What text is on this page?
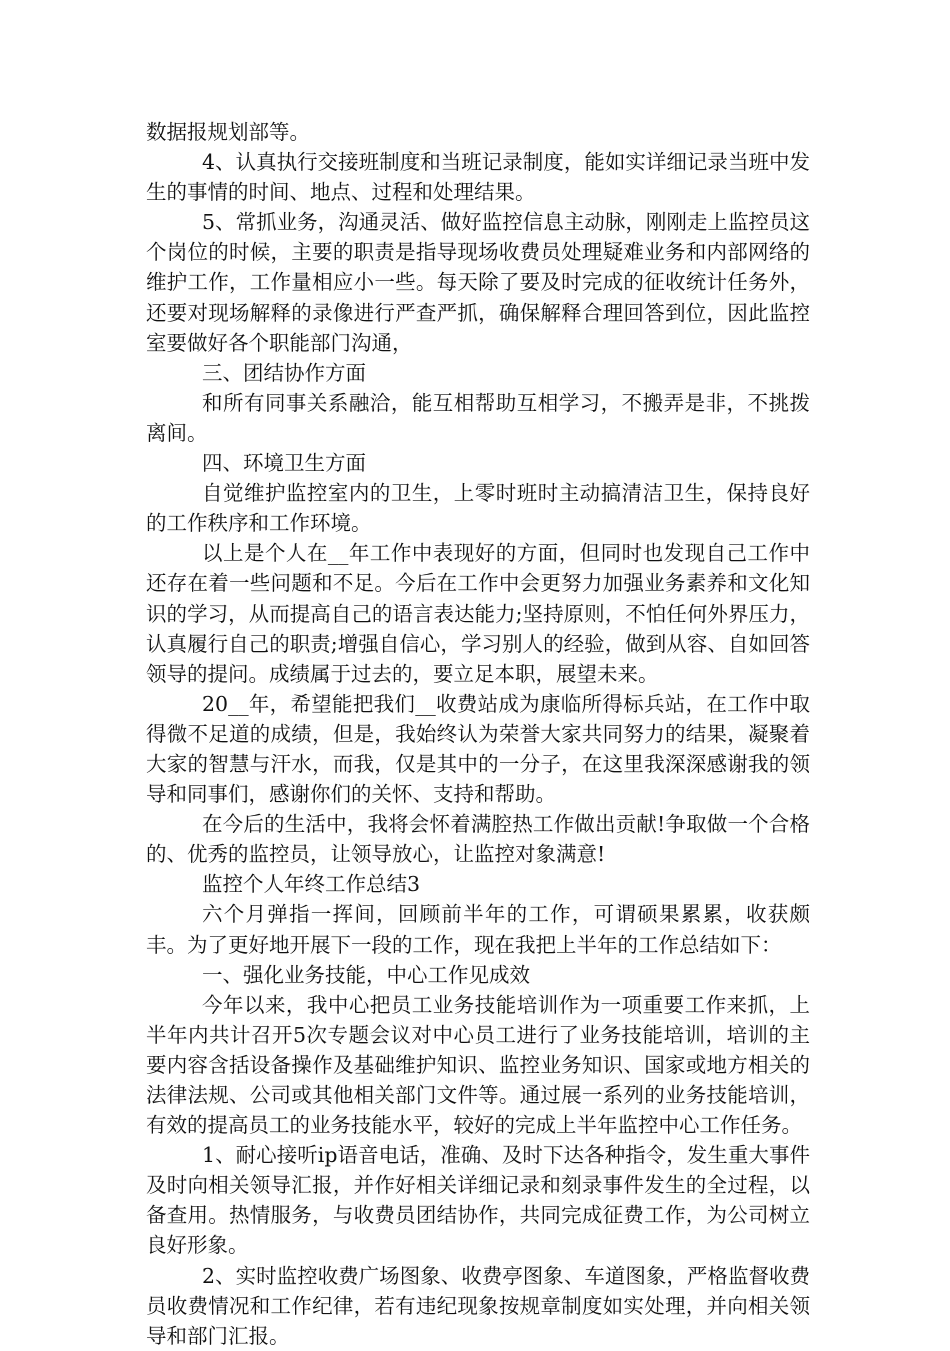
数据报规划部等。

4、认真执行交接班制度和当班记录制度，能如实详细记录当班中发生的事情的时间、地点、过程和处理结果。

5、常抓业务，沟通灵活、做好监控信息主动脉，刚刚走上监控员这个岗位的时候，主要的职责是指导现场收费员处理疑难业务和内部网络的维护工作，工作量相应小一些。每天除了要及时完成的征收统计任务外，还要对现场解释的录像进行严查严抓，确保解释合理回答到位，因此监控室要做好各个职能部门沟通，

三、团结协作方面

和所有同事关系融洽，能互相帮助互相学习，不搬弄是非，不挑拨离间。

四、环境卫生方面

自觉维护监控室内的卫生，上零时班时主动搞清洁卫生，保持良好的工作秩序和工作环境。

以上是个人在__年工作中表现好的方面，但同时也发现自己工作中还存在着一些问题和不足。今后在工作中会更努力加强业务素养和文化知识的学习，从而提高自己的语言表达能力;坚持原则，不怕任何外界压力，认真履行自己的职责;增强自信心，学习别人的经验，做到从容、自如回答领导的提问。成绩属于过去的，要立足本职，展望未来。

20__年，希望能把我们__收费站成为康临所得标兵站，在工作中取得微不足道的成绩，但是，我始终认为荣誉大家共同努力的结果，凝聚着大家的智慧与汗水，而我，仅是其中的一分子，在这里我深深感谢我的领导和同事们，感谢你们的关怀、支持和帮助。

在今后的生活中，我将会怀着满腔热工作做出贡献!争取做一个合格的、优秀的监控员，让领导放心，让监控对象满意!

监控个人年终工作总结3

六个月弹指一挥间，回顾前半年的工作，可谓硕果累累，收获颇丰。为了更好地开展下一段的工作，现在我把上半年的工作总结如下：

一、强化业务技能，中心工作见成效

今年以来，我中心把员工业务技能培训作为一项重要工作来抓，上半年内共计召开5次专题会议对中心员工进行了业务技能培训，培训的主要内容含括设备操作及基础维护知识、监控业务知识、国家或地方相关的法律法规、公司或其他相关部门文件等。通过展一系列的业务技能培训，有效的提高员工的业务技能水平，较好的完成上半年监控中心工作任务。

1、耐心接听ip语音电话，准确、及时下达各种指令，发生重大事件及时向相关领导汇报，并作好相关详细记录和刻录事件发生的全过程，以备查用。热情服务，与收费员团结协作，共同完成征费工作，为公司树立良好形象。

2、实时监控收费广场图象、收费亭图象、车道图象，严格监督收费员收费情况和工作纪律，若有违纪现象按规章制度如实处理，并向相关领导和部门汇报。
